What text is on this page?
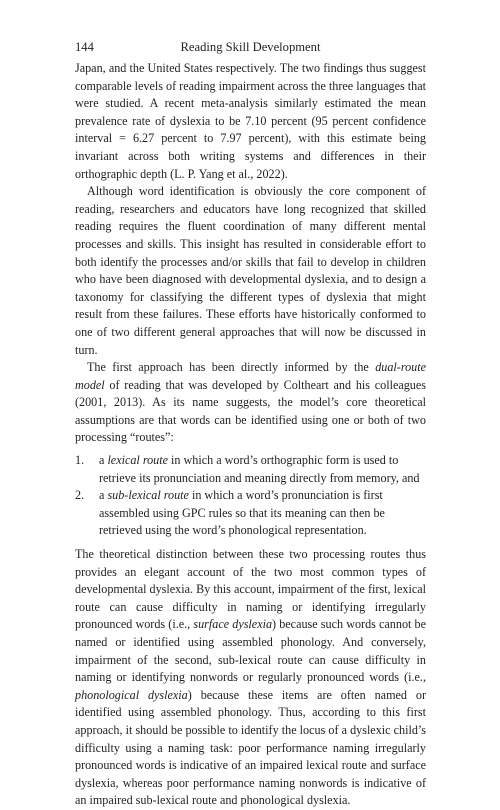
144	Reading Skill Development

Japan, and the United States respectively. The two findings thus suggest comparable levels of reading impairment across the three languages that were studied. A recent meta-analysis similarly estimated the mean prevalence rate of dyslexia to be 7.10 percent (95 percent confidence interval = 6.27 percent to 7.97 percent), with this estimate being invariant across both writing systems and differences in their orthographic depth (L. P. Yang et al., 2022).

Although word identification is obviously the core component of reading, researchers and educators have long recognized that skilled reading requires the fluent coordination of many different mental processes and skills. This insight has resulted in considerable effort to both identify the processes and/or skills that fail to develop in children who have been diagnosed with developmental dyslexia, and to design a taxonomy for classifying the different types of dyslexia that might result from these failures. These efforts have historically conformed to one of two different general approaches that will now be discussed in turn.

The first approach has been directly informed by the dual-route model of reading that was developed by Coltheart and his colleagues (2001, 2013). As its name suggests, the model’s core theoretical assumptions are that words can be identified using one or both of two processing “routes”:

1. a lexical route in which a word’s orthographic form is used to retrieve its pronunciation and meaning directly from memory, and
2. a sub-lexical route in which a word’s pronunciation is first assembled using GPC rules so that its meaning can then be retrieved using the word’s phonological representation.

The theoretical distinction between these two processing routes thus provides an elegant account of the two most common types of developmental dyslexia. By this account, impairment of the first, lexical route can cause difficulty in naming or identifying irregularly pronounced words (i.e., surface dyslexia) because such words cannot be named or identified using assembled phonology. And conversely, impairment of the second, sub-lexical route can cause difficulty in naming or identifying nonwords or regularly pronounced words (i.e., phonological dyslexia) because these items are often named or identified using assembled phonology. Thus, according to this first approach, it should be possible to identify the locus of a dyslexic child’s difficulty using a naming task: poor performance naming irregularly pronounced words is indicative of an impaired lexical route and surface dyslexia, whereas poor performance naming nonwords is indicative of an impaired sub-lexical route and phonological dyslexia.
